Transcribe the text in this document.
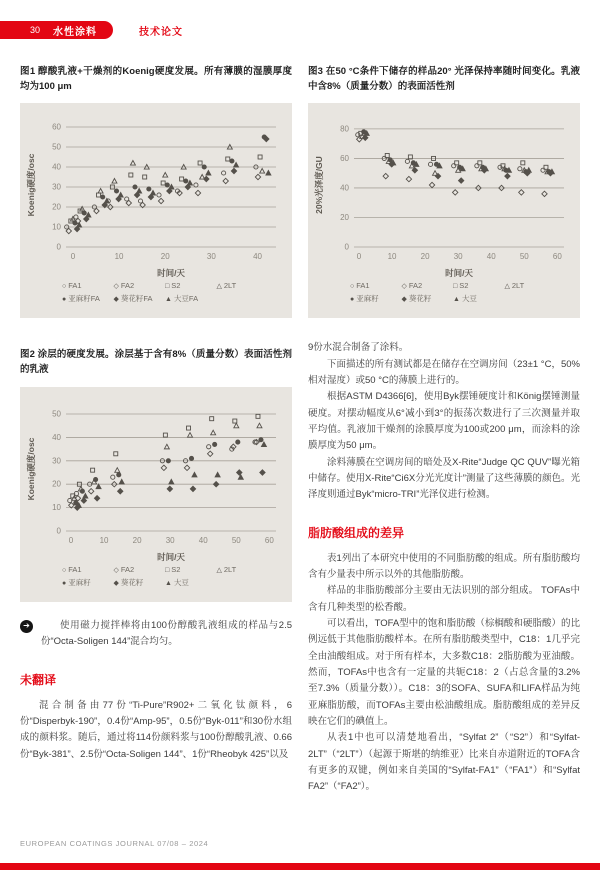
30 水性涂料	技术论文

图1 醇酸乳液+干燥剂的Koenig硬度发展。所有薄膜的湿膜厚度均为100 μm

0
10
20
30
40
50
60
0	10	20	30	40
时间/天
Koenig硬度/osc
○ FA1	◇ FA2	□ S2	△ 2LT
● 亚麻籽FA	◆ 葵花籽FA	▲ 大豆FA

图2 涂层的硬度发展。涂层基于含有8%（质量分数）表面活性剂的乳液

0
10
20
30
40
50
0	10	20	30	40	50	60
时间/天
Koenig硬度/osc
○ FA1	◇ FA2	□ S2	△ 2LT
● 亚麻籽	◆ 葵花籽	▲ 大豆
➔	使用磁力搅拌棒将由100份醇酸乳液组成的样品与2.5份“Octa-Soligen 144”混合均匀。
未翻译

混合制备由77份“Ti-Pure”R902+二氧化钛颜料，6份“Disperbyk-190”，0.4份“Amp-95”，0.5份“Byk-011”和30份水组成的颜料浆。随后，通过将114份颜料浆与100份醇酸乳液、0.66份“Byk-381”、2.5份“Octa-Soligen 144”、1份“Rheobyk 425”以及

图3 在50 °C条件下储存的样品20° 光泽保持率随时间变化。乳液中含8%（质量分数）的表面活性剂

0
20
40
60
80
0	10	20	30	40	50	60
时间/天
20%光泽度/GU
○ FA1	◇ FA2	□ S2	△ 2LT
● 亚麻籽	◆ 葵花籽	▲ 大豆

9份水混合制备了涂料。

下面描述的所有测试都是在储存在空调房间（23±1 °C，50%相对湿度）或50 °C的薄膜上进行的。

根据ASTM D4366[6]，使用Byk摆锤硬度计和König摆锤测量硬度。对摆动幅度从6°减小到3°的振荡次数进行了三次测量并取平均值。乳液加干燥剂的涂膜厚度为100或200 μm，而涂料的涂膜厚度为50 μm。

涂料薄膜在空调房间的暗处及X-Rite“Judge QC QUV”曝光箱中储存。使用X-Rite“Ci6X分光光度计”测量了这些薄膜的颜色。光泽度则通过Byk“micro-TRI”光泽仪进行检测。

脂肪酸组成的差异

表1列出了本研究中使用的不同脂肪酸的组成。所有脂肪酸均含有少量表中所示以外的其他脂肪酸。

样品的非脂肪酸部分主要由无法识别的部分组成。 TOFAs中含有几种类型的松香酸。

可以看出，TOFA型中的饱和脂肪酸（棕榈酸和硬脂酸）的比例远低于其他脂肪酸样本。在所有脂肪酸类型中，C18：1几乎完全由油酸组成。对于所有样本，大多数C18：2脂肪酸为亚油酸。然而，TOFAs中也含有一定量的共轭C18：2（占总含量的3.2%至7.3%（质量分数））。C18：3的SOFA、SUFA和LIFA样品为纯亚麻脂肪酸，而TOFAs主要由松油酸组成。脂肪酸组成的差异反映在它们的碘值上。

从表1中也可以清楚地看出，“Sylfat 2”（“S2”）和“Sylfat-2LT”（“2LT”）（起源于斯堪的纳维亚）比来自赤道附近的TOFA含有更多的双键，例如来自美国的“Sylfat-FA1”（“FA1”）和“Sylfat FA2”（“FA2”）。

EUROPEAN COATINGS JOURNAL 07/08 – 2024
